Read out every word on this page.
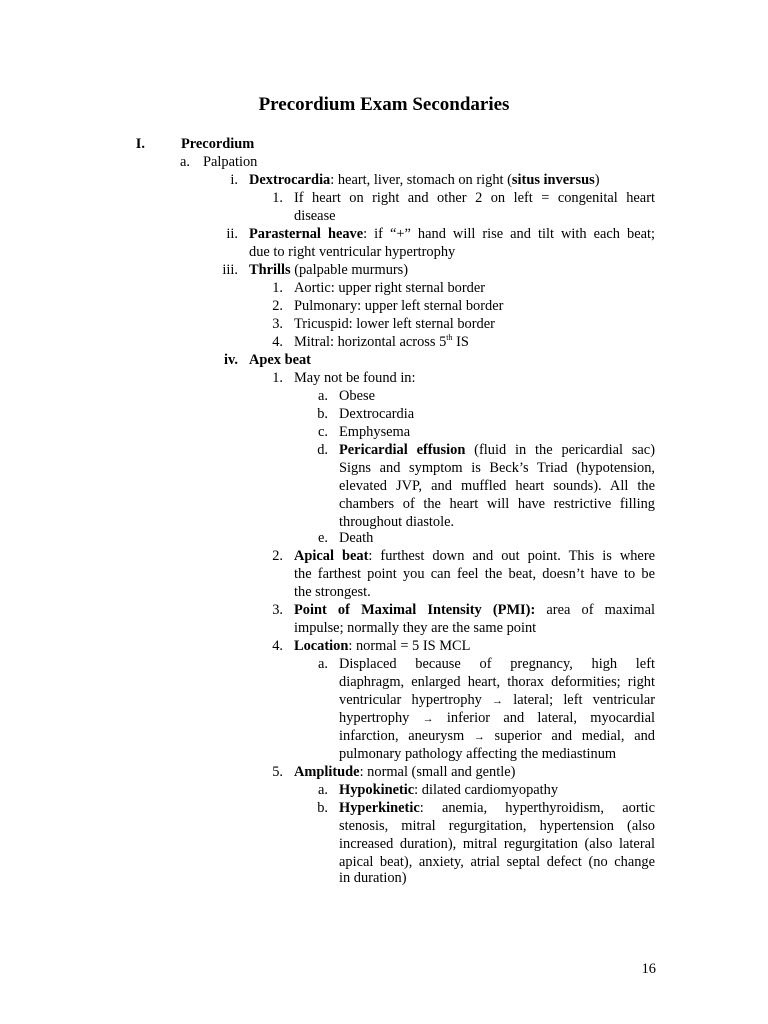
Precordium Exam Secondaries
I.	Precordium
a. Palpation
i. Dextrocardia: heart, liver, stomach on right (situs inversus)
1. If heart on right and other 2 on left = congenital heart
disease
ii. Parasternal heave: if “+” hand will rise and tilt with each beat;
due to right ventricular hypertrophy
iii. Thrills (palpable murmurs)
1. Aortic: upper right sternal border
2. Pulmonary: upper left sternal border
3. Tricuspid: lower left sternal border
4. Mitral: horizontal across 5th IS
iv. Apex beat
1. May not be found in:
a. Obese
b. Dextrocardia
c. Emphysema
d. Pericardial effusion (fluid in the pericardial sac)
Signs and symptom is Beck’s Triad (hypotension,
elevated JVP, and muffled heart sounds). All the
chambers of the heart will have restrictive filling
throughout diastole.
e. Death
2. Apical beat: furthest down and out point. This is where
the farthest point you can feel the beat, doesn’t have to be
the strongest.
3. Point of Maximal Intensity (PMI): area of maximal
impulse; normally they are the same point
4. Location: normal = 5 IS MCL
a. Displaced because of pregnancy, high left
diaphragm, enlarged heart, thorax deformities; right
ventricular hypertrophy → lateral; left ventricular
hypertrophy → inferior and lateral, myocardial
infarction, aneurysm → superior and medial, and
pulmonary pathology affecting the mediastinum
5. Amplitude: normal (small and gentle)
a. Hypokinetic: dilated cardiomyopathy
b. Hyperkinetic: anemia, hyperthyroidism, aortic
stenosis, mitral regurgitation, hypertension (also
increased duration), mitral regurgitation (also lateral
apical beat), anxiety, atrial septal defect (no change
in duration)
16
